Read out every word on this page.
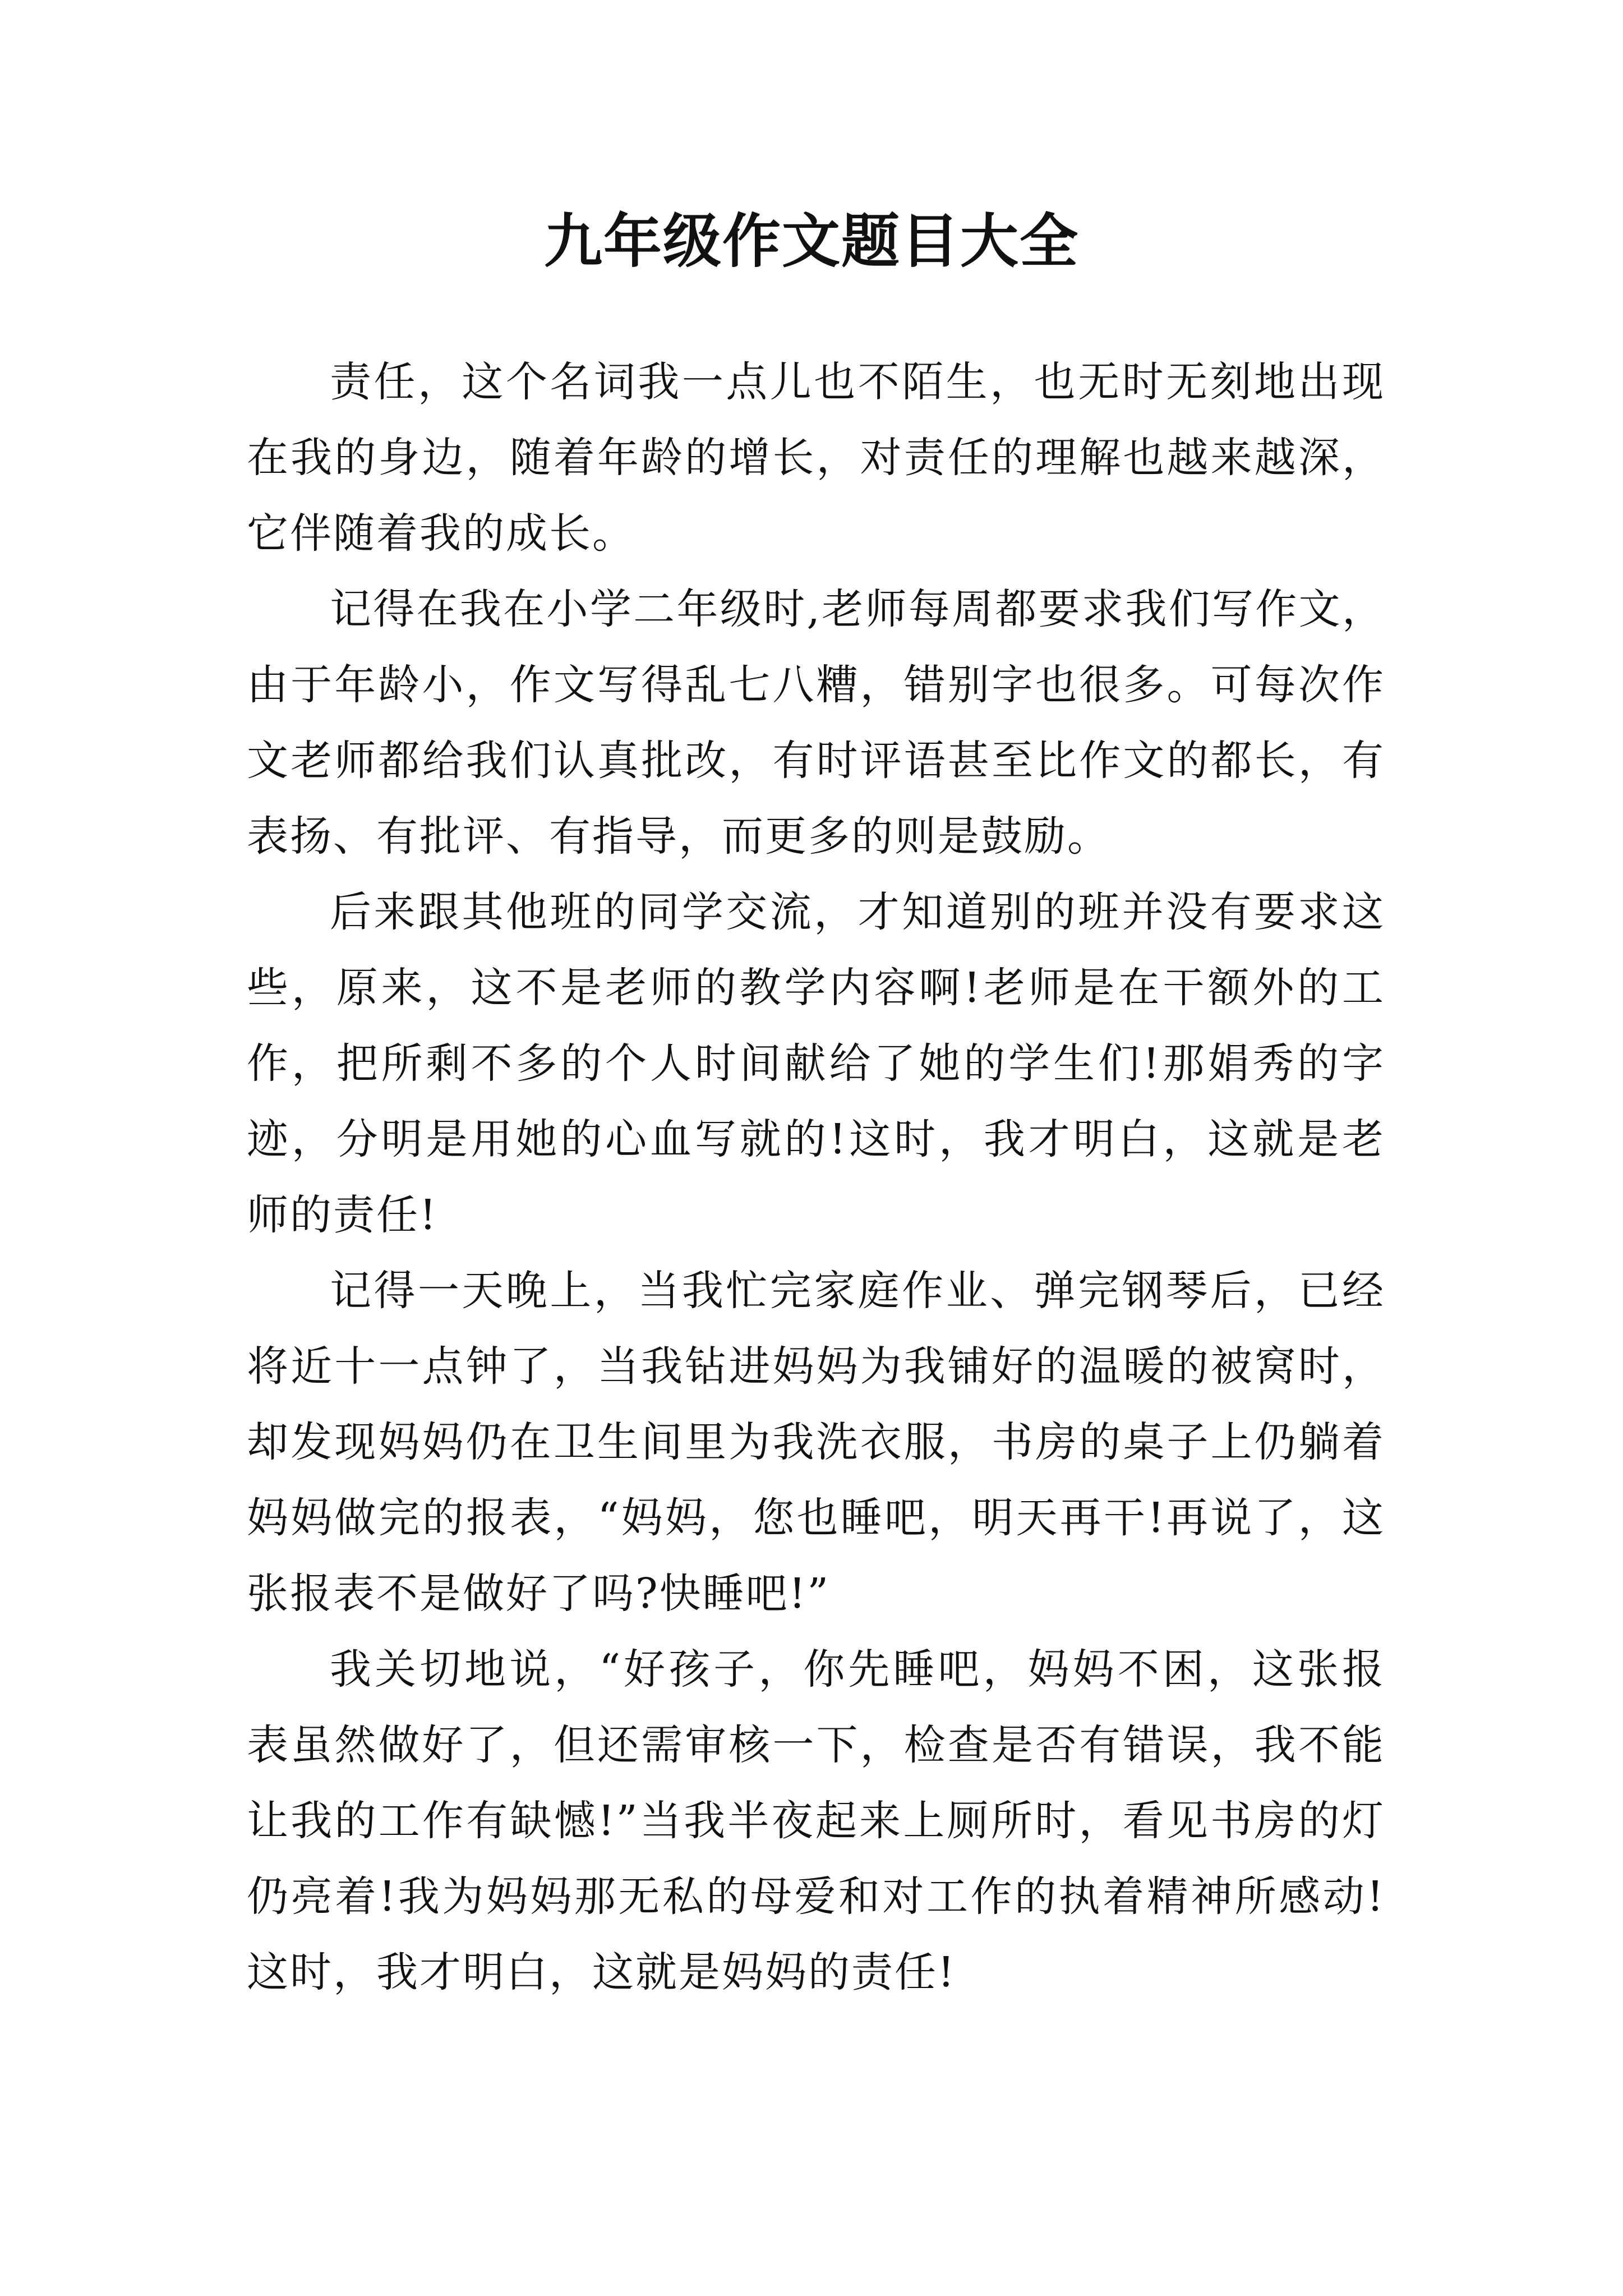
九年级作文题目大全

责任，这个名词我一点儿也不陌生，也无时无刻地出现在我的身边，随着年龄的增长，对责任的理解也越来越深，它伴随着我的成长。

记得在我在小学二年级时,老师每周都要求我们写作文，由于年龄小，作文写得乱七八糟，错别字也很多。可每次作文老师都给我们认真批改，有时评语甚至比作文的都长，有表扬、有批评、有指导，而更多的则是鼓励。

后来跟其他班的同学交流，才知道别的班并没有要求这些，原来，这不是老师的教学内容啊!老师是在干额外的工作，把所剩不多的个人时间献给了她的学生们!那娟秀的字迹，分明是用她的心血写就的!这时，我才明白，这就是老师的责任!

记得一天晚上，当我忙完家庭作业、弹完钢琴后，已经将近十一点钟了，当我钻进妈妈为我铺好的温暖的被窝时，却发现妈妈仍在卫生间里为我洗衣服，书房的桌子上仍躺着妈妈做完的报表，“妈妈，您也睡吧，明天再干!再说了，这张报表不是做好了吗?快睡吧!”

我关切地说，“好孩子，你先睡吧，妈妈不困，这张报表虽然做好了，但还需审核一下，检查是否有错误，我不能让我的工作有缺憾!”当我半夜起来上厕所时，看见书房的灯仍亮着!我为妈妈那无私的母爱和对工作的执着精神所感动!这时，我才明白，这就是妈妈的责任!
